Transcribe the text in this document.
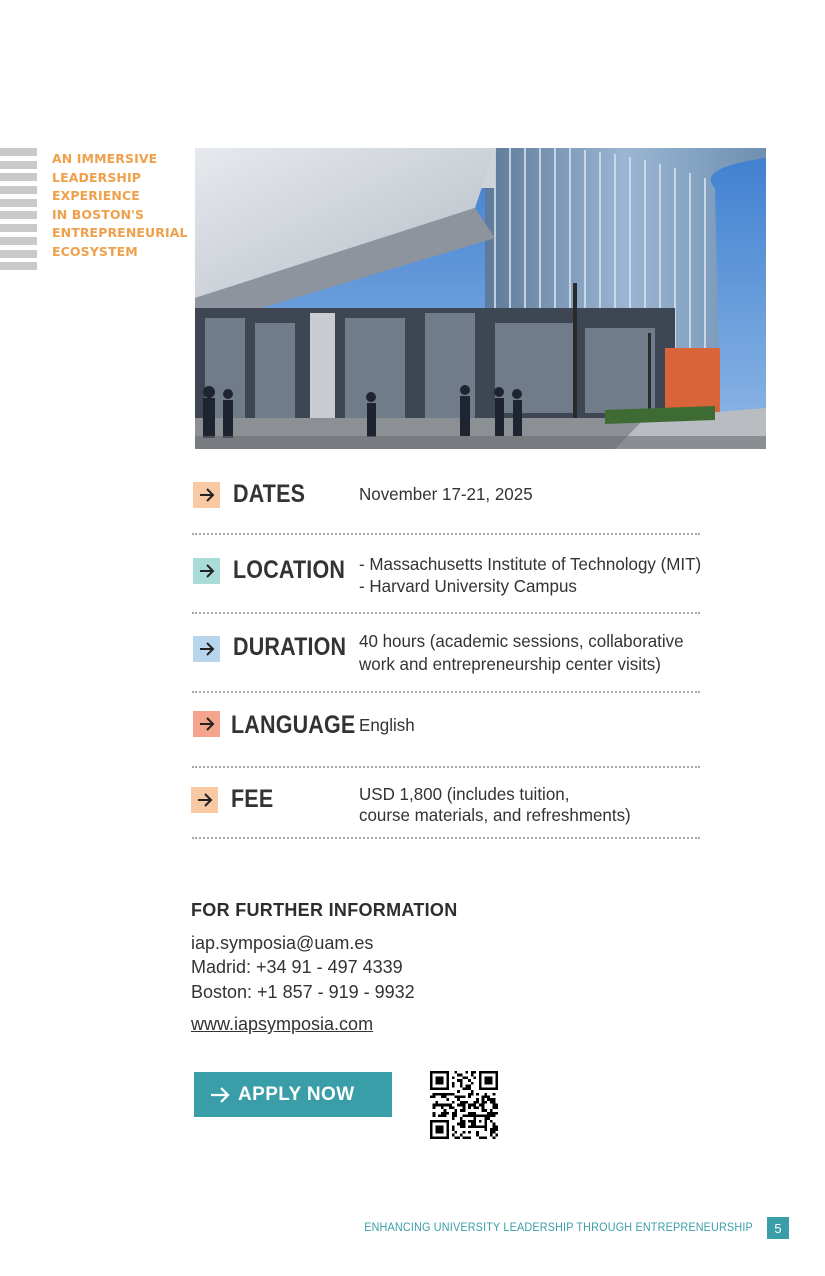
AN IMMERSIVE
LEADERSHIP
EXPERIENCE
IN BOSTON'S
ENTREPRENEURIAL
ECOSYSTEM
DATES	November 17-21, 2025
LOCATION - Massachusetts Institute of Technology (MIT)
- Harvard University Campus
DURATION 40 hours (academic sessions, collaborative
work and entrepreneurship center visits)
LANGUAGE English
FEE	USD 1,800 (includes tuition,
course materials, and refreshments)
FOR FURTHER INFORMATION
iap.symposia@uam.es
Madrid: +34 91 - 497 4339
Boston: +1 857 - 919 - 9932
www.iapsymposia.com
APPLY NOW
ENHANCING UNIVERSITY LEADERSHIP THROUGH ENTREPRENEURSHIP	5
